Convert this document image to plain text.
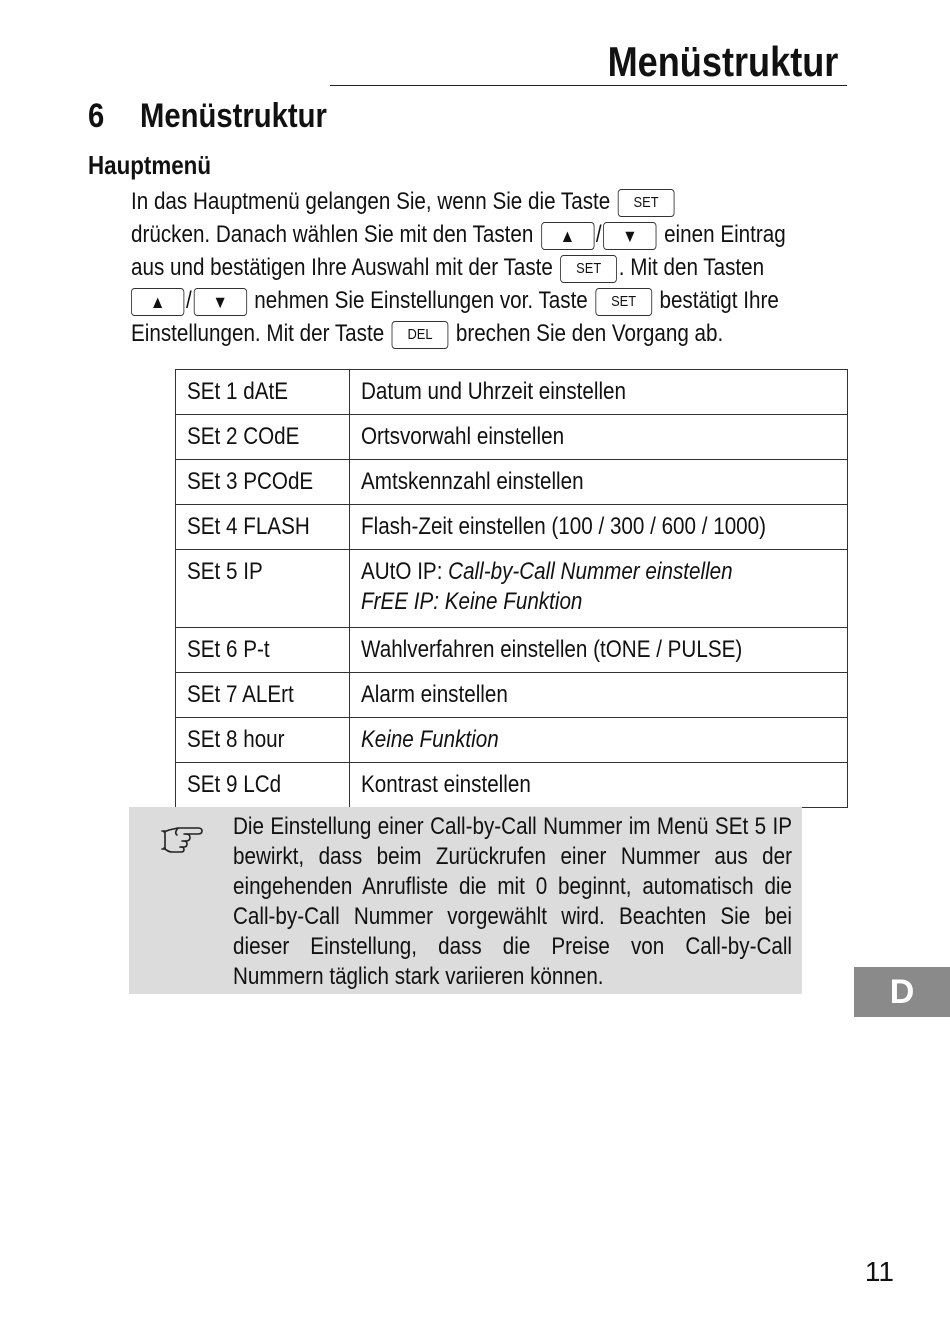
Menüstruktur
6 Menüstruktur
Hauptmenü
In das Hauptmenü gelangen Sie, wenn Sie die Taste SET
drücken. Danach wählen Sie mit den Tasten ▲ / ▼ einen Eintrag
aus und bestätigen Ihre Auswahl mit der Taste SET . Mit den Tasten
▲ / ▼ nehmen Sie Einstellungen vor. Taste SET bestätigt Ihre
Einstellungen. Mit der Taste DEL brechen Sie den Vorgang ab.
SEt 1 dAtE	Datum und Uhrzeit einstellen
SEt 2 COdE	Ortsvorwahl einstellen
SEt 3 PCOdE	Amtskennzahl einstellen
SEt 4 FLASH	Flash-Zeit einstellen (100 / 300 / 600 / 1000)
SEt 5 IP	AUtO IP: Call-by-Call Nummer einstellen
FrEE IP: Keine Funktion
SEt 6 P-t	Wahlverfahren einstellen (tONE / PULSE)
SEt 7 ALErt	Alarm einstellen
SEt 8 hour	Keine Funktion
SEt 9 LCd	Kontrast einstellen
Die Einstellung einer Call-by-Call Nummer im Menü SEt 5 IP bewirkt, dass beim Zurückrufen einer Nummer aus der eingehenden Anrufliste die mit 0 beginnt, automatisch die Call-by-Call Nummer vorgewählt wird. Beachten Sie bei dieser Einstellung, dass die Preise von Call-by-Call Nummern täglich stark variieren können.	D
11
